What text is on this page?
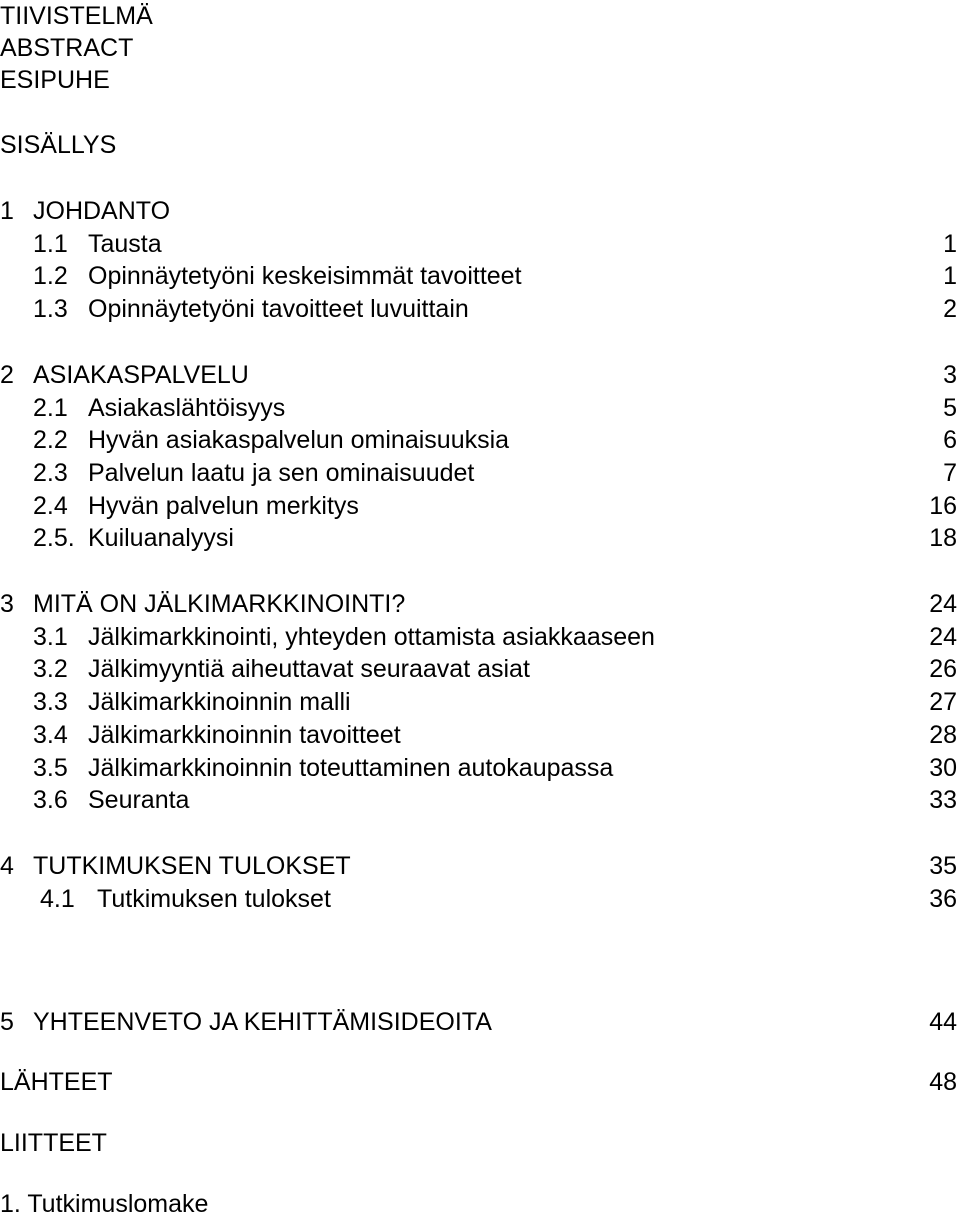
TIIVISTELMÄ
ABSTRACT
ESIPUHE
SISÄLLYS
1 JOHDANTO
1.1 Tausta	1
1.2 Opinnäytetyöni keskeisimmät tavoitteet	1
1.3 Opinnäytetyöni tavoitteet luvuittain	2
2 ASIAKASPALVELU	3
2.1 Asiakaslähtöisyys	5
2.2 Hyvän asiakaspalvelun ominaisuuksia	6
2.3 Palvelun laatu ja sen ominaisuudet	7
2.4 Hyvän palvelun merkitys	16
2.5. Kuiluanalyysi	18
3 MITÄ ON JÄLKIMARKKINOINTI?	24
3.1 Jälkimarkkinointi, yhteyden ottamista asiakkaaseen	24
3.2 Jälkimyyntiä aiheuttavat seuraavat asiat	26
3.3 Jälkimarkkinoinnin malli	27
3.4 Jälkimarkkinoinnin tavoitteet	28
3.5 Jälkimarkkinoinnin toteuttaminen autokaupassa	30
3.6 Seuranta	33
4 TUTKIMUKSEN TULOKSET	35
4.1 Tutkimuksen tulokset	36
5 YHTEENVETO JA KEHITTÄMISIDEOITA	44
LÄHTEET	48
LIITTEET
1. Tutkimuslomake
